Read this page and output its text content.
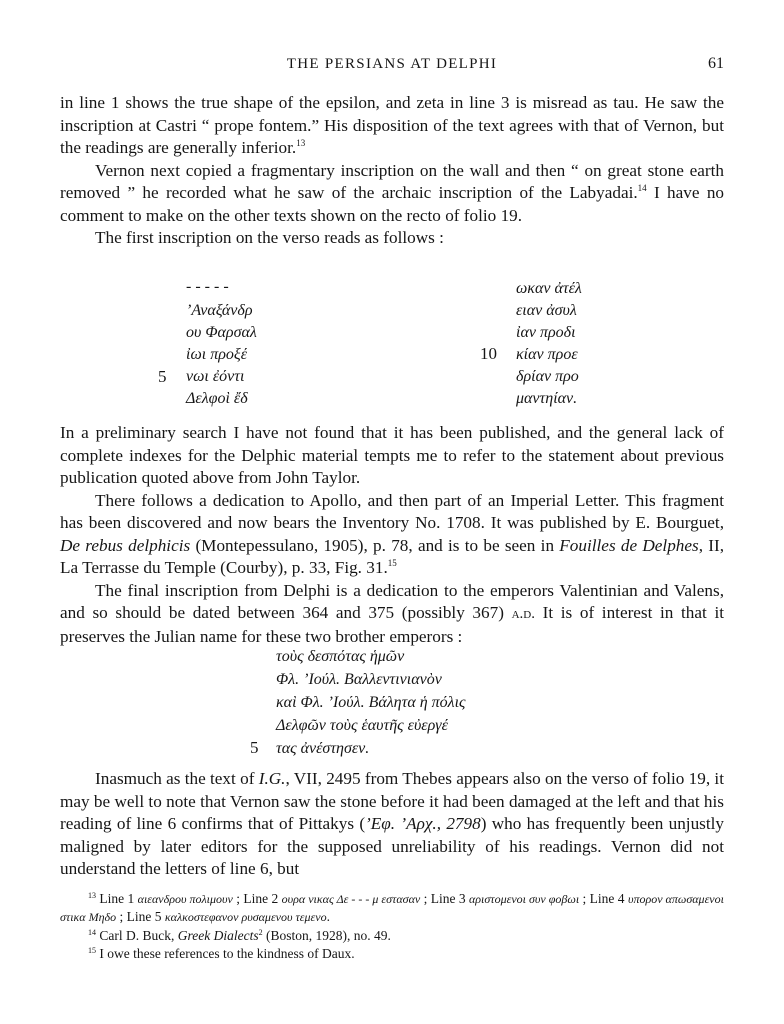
THE PERSIANS AT DELPHI	61

in line 1 shows the true shape of the epsilon, and zeta in line 3 is misread as tau. He saw the inscription at Castri “ prope fontem.” His disposition of the text agrees with that of Vernon, but the readings are generally inferior.$^{13}$

Vernon next copied a fragmentary inscription on the wall and then “ on great stone earth removed ” he recorded what he saw of the archaic inscription of the Labyadai.$^{14}$ I have no comment to make on the other texts shown on the recto of folio 19.

The first inscription on the verso reads as follows :

- - - - -
’Αναξάνδρ
ου Φαρσαλ
ἰωι προξέ
νωι ἐόντι
Δελφοὶ ἔδ
5
ωκαν ἀτέλ
ειαν ἀσυλ
ἰαν προδι
κίαν προε
δρίαν προ
μαντηίαν.
10

In a preliminary search I have not found that it has been published, and the general lack of complete indexes for the Delphic material tempts me to refer to the statement about previous publication quoted above from John Taylor.

There follows a dedication to Apollo, and then part of an Imperial Letter. This fragment has been discovered and now bears the Inventory No. 1708. It was published by E. Bourguet, De rebus delphicis (Montepessulano, 1905), p. 78, and is to be seen in Fouilles de Delphes, II, La Terrasse du Temple (Courby), p. 33, Fig. 31.15

The final inscription from Delphi is a dedication to the emperors Valentinian and Valens, and so should be dated between 364 and 375 (possibly 367) a.d. It is of interest in that it preserves the Julian name for these two brother emperors :

τοὺς δεσπότας ἡμῶν
Φλ. ’Ιούλ. Βαλλεντινιανὸν
καὶ Φλ. ’Ιούλ. Βάλητα ἡ πόλις
Δελφῶν τοὺς ἑαυτῆς εὐεργέ
τας ἀνέστησεν.
5

Inasmuch as the text of I.G., VII, 2495 from Thebes appears also on the verso of folio 19, it may be well to note that Vernon saw the stone before it had been damaged at the left and that his reading of line 6 confirms that of Pittakys (’Εφ. ’Αρχ., 2798) who has frequently been unjustly maligned by later editors for the supposed unreliability of his readings. Vernon did not understand the letters of line 6, but

$^{13}$ Line 1 αιεανδρου πολιμουν ; Line 2 ουρα νικας Δε - - - μ εστασαν ; Line 3 αριστομενοι συν φοβωι ; Line 4 υπορον απωσαμενοι στικα Μηδο ; Line 5 καλκοστεφανον ρυσαμενου τεμενο.
$^{14}$ Carl D. Buck, Greek Dialects$^2$ (Boston, 1928), no. 49.
$^{15}$ I owe these references to the kindness of Daux.
